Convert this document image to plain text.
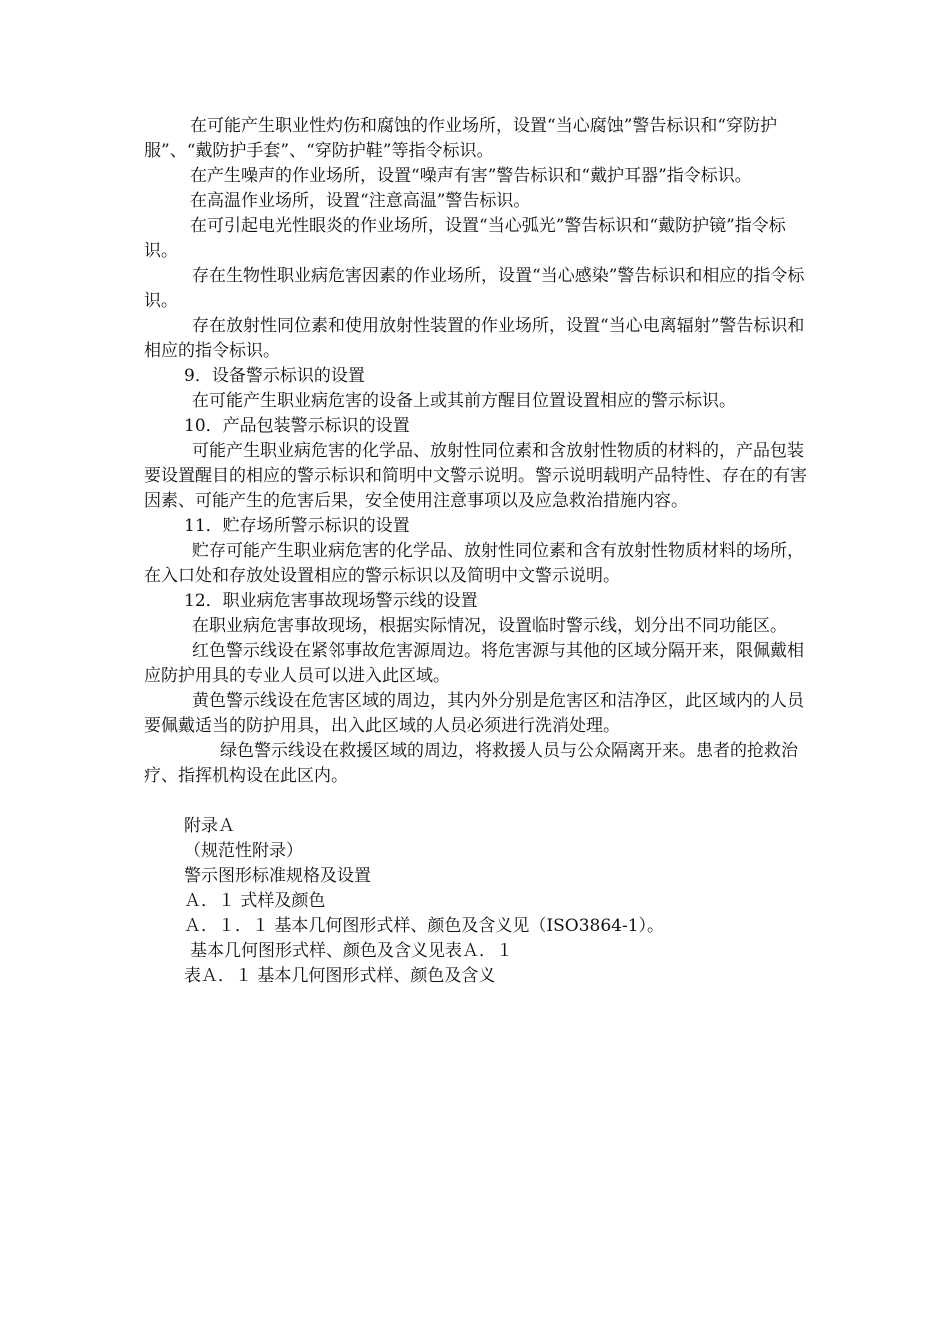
在可能产生职业性灼伤和腐蚀的作业场所，设置“当心腐蚀”警告标识和“穿防护服”、“戴防护手套”、“穿防护鞋”等指令标识。

在产生噪声的作业场所，设置“噪声有害”警告标识和“戴护耳器”指令标识。

在高温作业场所，设置“注意高温”警告标识。

在可引起电光性眼炎的作业场所，设置“当心弧光”警告标识和“戴防护镜”指令标识。

存在生物性职业病危害因素的作业场所，设置“当心感染”警告标识和相应的指令标识。

存在放射性同位素和使用放射性装置的作业场所，设置“当心电离辐射”警告标识和相应的指令标识。

9．设备警示标识的设置

在可能产生职业病危害的设备上或其前方醒目位置设置相应的警示标识。

10．产品包装警示标识的设置

可能产生职业病危害的化学品、放射性同位素和含放射性物质的材料的，产品包装要设置醒目的相应的警示标识和简明中文警示说明。警示说明载明产品特性、存在的有害因素、可能产生的危害后果，安全使用注意事项以及应急救治措施内容。

11．贮存场所警示标识的设置

贮存可能产生职业病危害的化学品、放射性同位素和含有放射性物质材料的场所，在入口处和存放处设置相应的警示标识以及简明中文警示说明。

12．职业病危害事故现场警示线的设置

在职业病危害事故现场，根据实际情况，设置临时警示线，划分出不同功能区。

红色警示线设在紧邻事故危害源周边。将危害源与其他的区域分隔开来，限佩戴相应防护用具的专业人员可以进入此区域。

黄色警示线设在危害区域的周边，其内外分别是危害区和洁净区，此区域内的人员要佩戴适当的防护用具，出入此区域的人员必须进行洗消处理。

绿色警示线设在救援区域的周边，将救援人员与公众隔离开来。患者的抢救治疗、指挥机构设在此区内。

附录Ａ

（规范性附录）

警示图形标准规格及设置

Ａ．１ 式样及颜色

Ａ．１．１ 基本几何图形式样、颜色及含义见（ISO3864-1）。

基本几何图形式样、颜色及含义见表Ａ．１

表Ａ．１ 基本几何图形式样、颜色及含义
